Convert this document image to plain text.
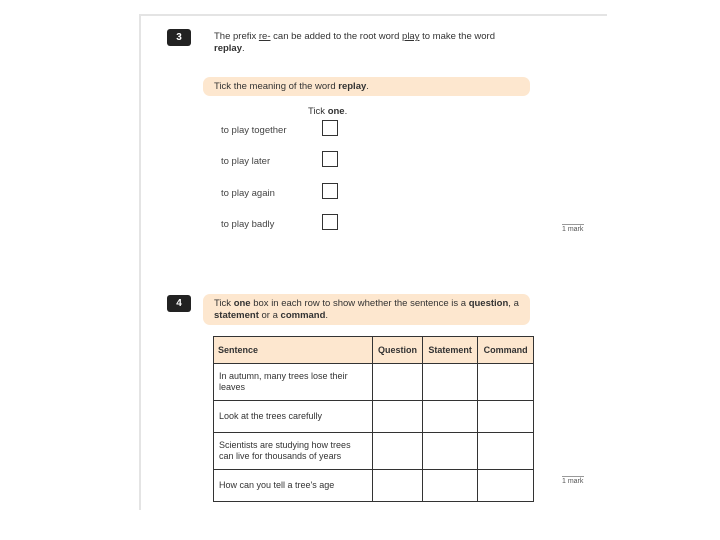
3	The prefix re- can be added to the root word play to make the word replay.
Tick the meaning of the word replay.
Tick one.
to play together
to play later
to play again
to play badly	1 mark
4	Tick one box in each row to show whether the sentence is a question, a statement or a command.
Sentence	Question	Statement	Command
In autumn, many trees lose their leaves			
Look at the trees carefully			
Scientists are studying how trees can live for thousands of years			
How can you tell a tree's age				1 mark
